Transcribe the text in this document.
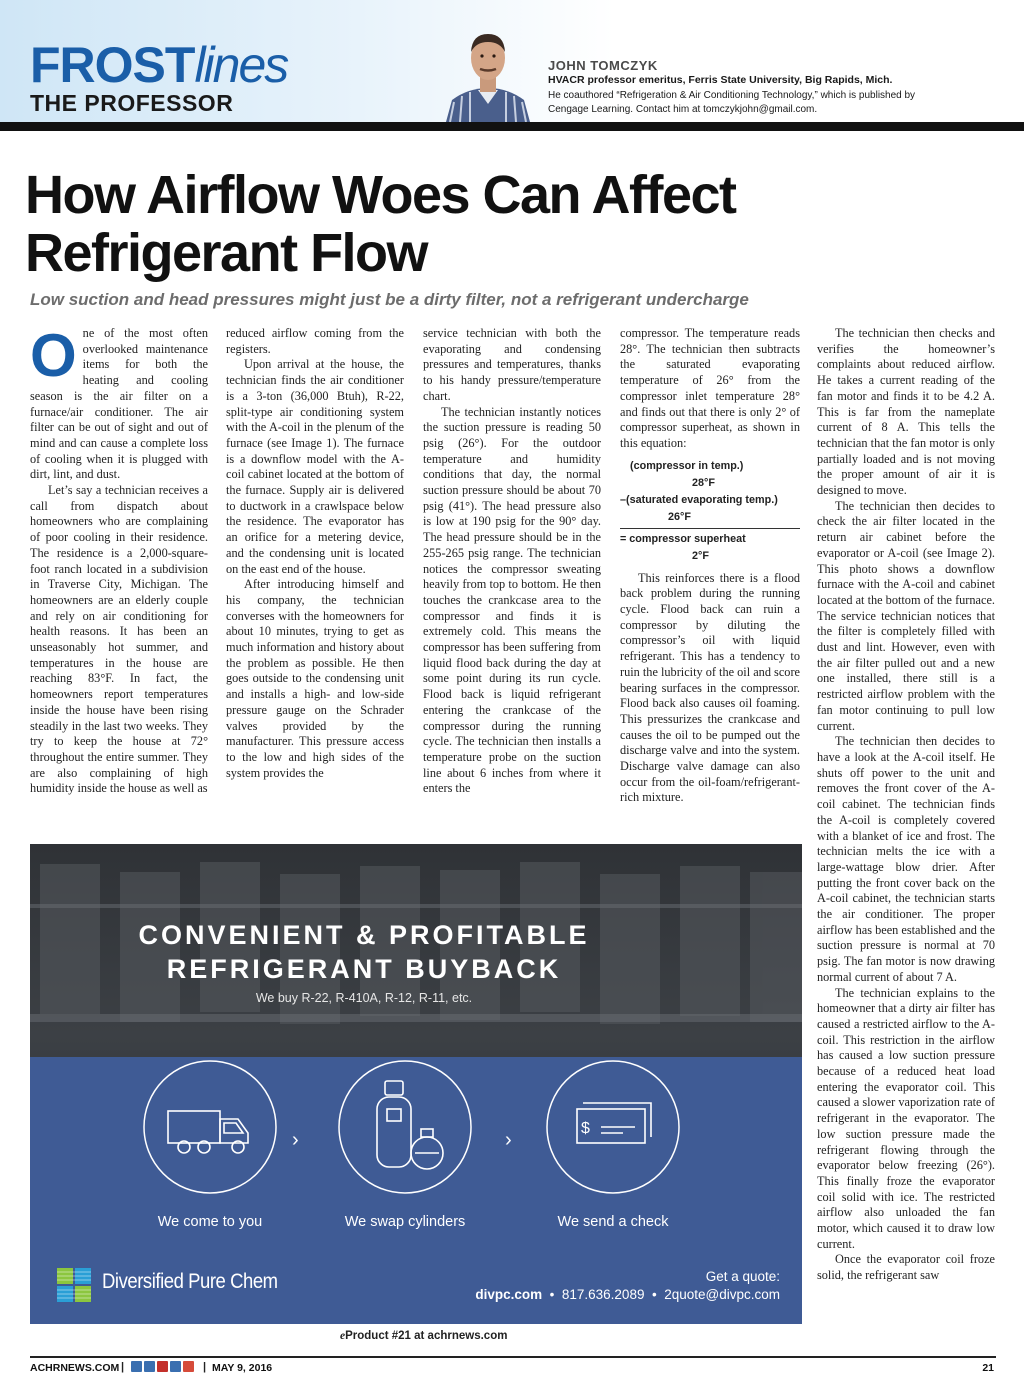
FROSTlines
THE PROFESSOR
JOHN TOMCZYK
HVACR professor emeritus, Ferris State University, Big Rapids, Mich.
He coauthored “Refrigeration & Air Conditioning Technology,” which is published by Cengage Learning. Contact him at tomczykjohn@gmail.com.
How Airflow Woes Can Affect Refrigerant Flow
Low suction and head pressures might just be a dirty filter, not a refrigerant undercharge

One of the most often overlooked maintenance items for both the heating and cooling season is the air filter on a furnace/air conditioner. The air filter can be out of sight and out of mind and can cause a complete loss of cooling when it is plugged with dirt, lint, and dust.

Let’s say a technician receives a call from dispatch about homeowners who are complaining of poor cooling in their residence. The residence is a 2,000-square-foot ranch located in a subdivision in Traverse City, Michigan. The homeowners are an elderly couple and rely on air conditioning for health reasons. It has been an unseasonably hot summer, and temperatures in the house are reaching 83°F. In fact, the homeowners report temperatures inside the house have been rising steadily in the last two weeks. They try to keep the house at 72° throughout the entire summer. They are also complaining of high humidity inside the house as well as

reduced airflow coming from the registers.

Upon arrival at the house, the technician finds the air conditioner is a 3-ton (36,000 Btuh), R-22, split-type air conditioning system with the A-coil in the plenum of the furnace (see Image 1). The furnace is a downflow model with the A-coil cabinet located at the bottom of the furnace. Supply air is delivered to ductwork in a crawlspace below the residence. The evaporator has an orifice for a metering device, and the condensing unit is located on the east end of the house.

After introducing himself and his company, the technician converses with the homeowners for about 10 minutes, trying to get as much information and history about the problem as possible. He then goes outside to the condensing unit and installs a high- and low-side pressure gauge on the Schrader valves provided by the manufacturer. This pressure access to the low and high sides of the system provides the

service technician with both the evaporating and condensing pressures and temperatures, thanks to his handy pressure/temperature chart.

The technician instantly notices the suction pressure is reading 50 psig (26°). For the outdoor temperature and humidity conditions that day, the normal suction pressure should be about 70 psig (41°). The head pressure also is low at 190 psig for the 90° day. The head pressure should be in the 255-265 psig range. The technician notices the compressor sweating heavily from top to bottom. He then touches the crankcase area to the compressor and finds it is extremely cold. This means the compressor has been suffering from liquid flood back during the day at some point during its run cycle. Flood back is liquid refrigerant entering the crankcase of the compressor during the running cycle. The technician then installs a temperature probe on the suction line about 6 inches from where it enters the

compressor. The temperature reads 28°. The technician then subtracts the saturated evaporating temperature of 26° from the compressor inlet temperature 28° and finds out that there is only 2° of compressor superheat, as shown in this equation:

(compressor in temp.)
28°F
–(saturated evaporating temp.)
26°F
= compressor superheat
2°F

This reinforces there is a flood back problem during the running cycle. Flood back can ruin a compressor by diluting the compressor’s oil with liquid refrigerant. This has a tendency to ruin the lubricity of the oil and score bearing surfaces in the compressor. Flood back also causes oil foaming. This pressurizes the crankcase and causes the oil to be pumped out the discharge valve and into the system. Discharge valve damage can also occur from the oil-foam/refrigerant-rich mixture.

The technician then checks and verifies the homeowner’s complaints about reduced airflow. He takes a current reading of the fan motor and finds it to be 4.2 A. This is far from the nameplate current of 8 A. This tells the technician that the fan motor is only partially loaded and is not moving the proper amount of air it is designed to move.

The technician then decides to check the air filter located in the return air cabinet before the evaporator or A-coil (see Image 2). This photo shows a downflow furnace with the A-coil and cabinet located at the bottom of the furnace. The service technician notices that the filter is completely filled with dust and lint. However, even with the air filter pulled out and a new one installed, there still is a restricted airflow problem with the fan motor continuing to pull low current.

The technician then decides to have a look at the A-coil itself. He shuts off power to the unit and removes the front cover of the A-coil cabinet. The technician finds the A-coil is completely covered with a blanket of ice and frost. The technician melts the ice with a large-wattage blow drier. After putting the front cover back on the A-coil cabinet, the technician starts the air conditioner. The proper airflow has been established and the suction pressure is normal at 70 psig. The fan motor is now drawing normal current of about 7 A.

The technician explains to the homeowner that a dirty air filter has caused a restricted airflow to the A-coil. This restriction in the airflow has caused a low suction pressure because of a reduced heat load entering the evaporator coil. This caused a slower vaporization rate of refrigerant in the evaporator. The low suction pressure made the refrigerant flowing through the evaporator below freezing (26°). This finally froze the evaporator coil solid with ice. The restricted airflow also unloaded the fan motor, which caused it to draw low current.

Once the evaporator coil froze solid, the refrigerant saw

CONVENIENT & PROFITABLE
REFRIGERANT BUYBACK
We buy R-22, R-410A, R-12, R-11, etc.
›	›
$
We come to you	We swap cylinders	We send a check
Diversified Pure Chem	Get a quote:
divpc.com • 817.636.2089 • 2quote@divpc.com
eProduct #21 at achrnews.com
ACHRNEWS.COM |	| MAY 9, 2016	21
